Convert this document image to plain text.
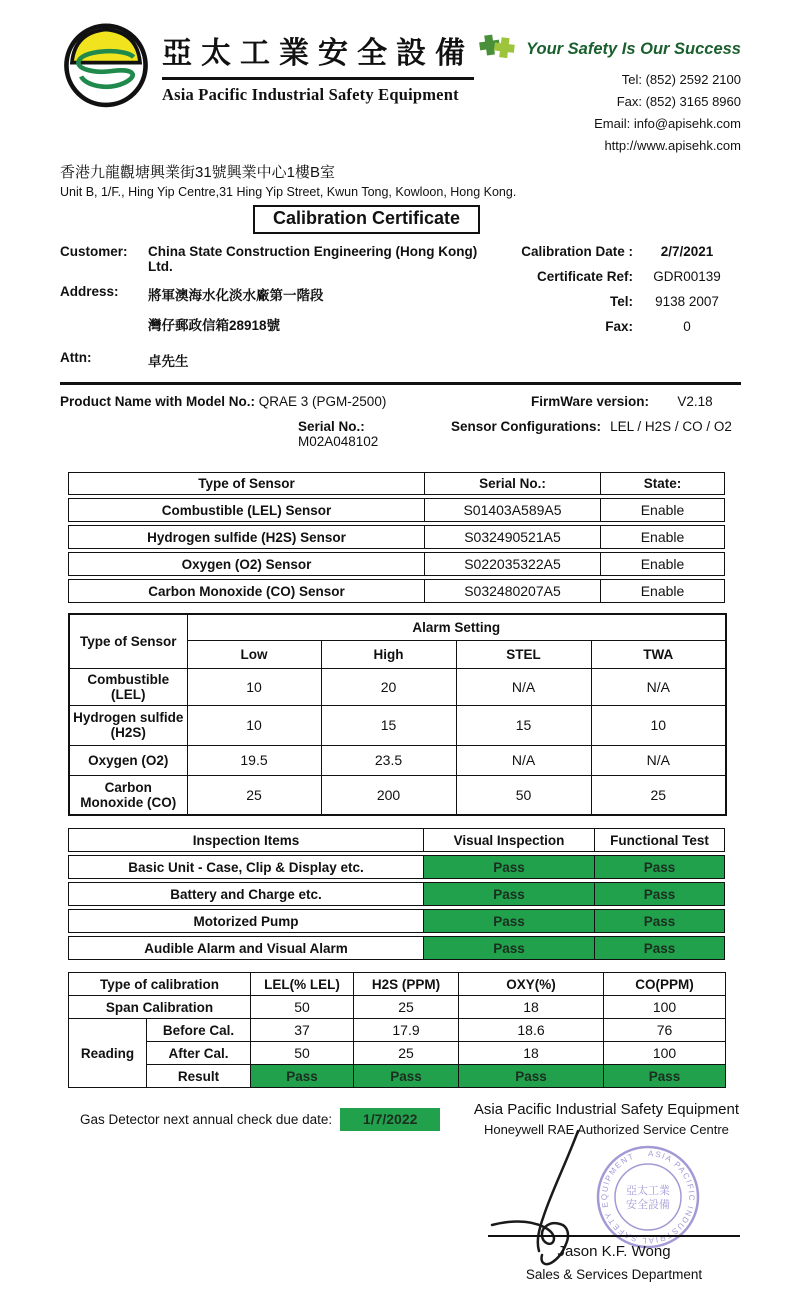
亞太工業安全設備
Asia Pacific Industrial Safety Equipment
Your Safety Is Our Success
Tel: (852) 2592 2100
Fax: (852) 3165 8960
Email: info@apisehk.com
http://www.apisehk.com
香港九龍觀塘興業街31號興業中心1樓B室
Unit B, 1/F., Hing Yip Centre,31 Hing Yip Street, Kwun Tong, Kowloon, Hong Kong.
Calibration Certificate
Customer:	China State Construction Engineering (Hong Kong) Ltd.
Address:	將軍澳海水化淡水廠第一階段
灣仔郵政信箱28918號
Attn:	卓先生
Calibration Date :	2/7/2021
Certificate Ref:	GDR00139
Tel:	9138 2007
Fax:	0
Product Name with Model No.: QRAE 3 (PGM-2500)	FirmWare version:	V2.18
Serial No.: M02A048102
Sensor Configurations: LEL / H2S / CO / O2
Type of Sensor	Serial No.:	State:
Combustible (LEL) Sensor	S01403A589A5	Enable
Hydrogen sulfide (H2S) Sensor	S032490521A5	Enable
Oxygen (O2) Sensor	S022035322A5	Enable
Carbon Monoxide (CO) Sensor	S032480207A5	Enable
Type of Sensor	Alarm Setting			
	Low	High	STEL	TWA
Combustible (LEL)	10	20	N/A	N/A
Hydrogen sulfide (H2S)	10	15	15	10
Oxygen (O2)	19.5	23.5	N/A	N/A
Carbon Monoxide (CO)	25	200	50	25
Inspection Items	Visual Inspection	Functional Test
Basic Unit - Case, Clip & Display etc.	Pass	Pass
Battery and Charge etc.	Pass	Pass
Motorized Pump	Pass	Pass
Audible Alarm and Visual Alarm	Pass	Pass
Type of calibration		LEL(% LEL)	H2S (PPM)	OXY(%)	CO(PPM)
Span Calibration		50	25	18	100
Reading	Before Cal.	37	17.9	18.6	76
	After Cal.	50	25	18	100
	Result	Pass	Pass	Pass	Pass
Gas Detector next annual check due date:	1/7/2022
Asia Pacific Industrial Safety Equipment
Honeywell RAE Authorized Service Centre
ASIA PACIFIC INDUSTRIAL SAFETY EQUIPMENT
亞太工業
安全設備
Jason K.F. Wong
Sales & Services Department
